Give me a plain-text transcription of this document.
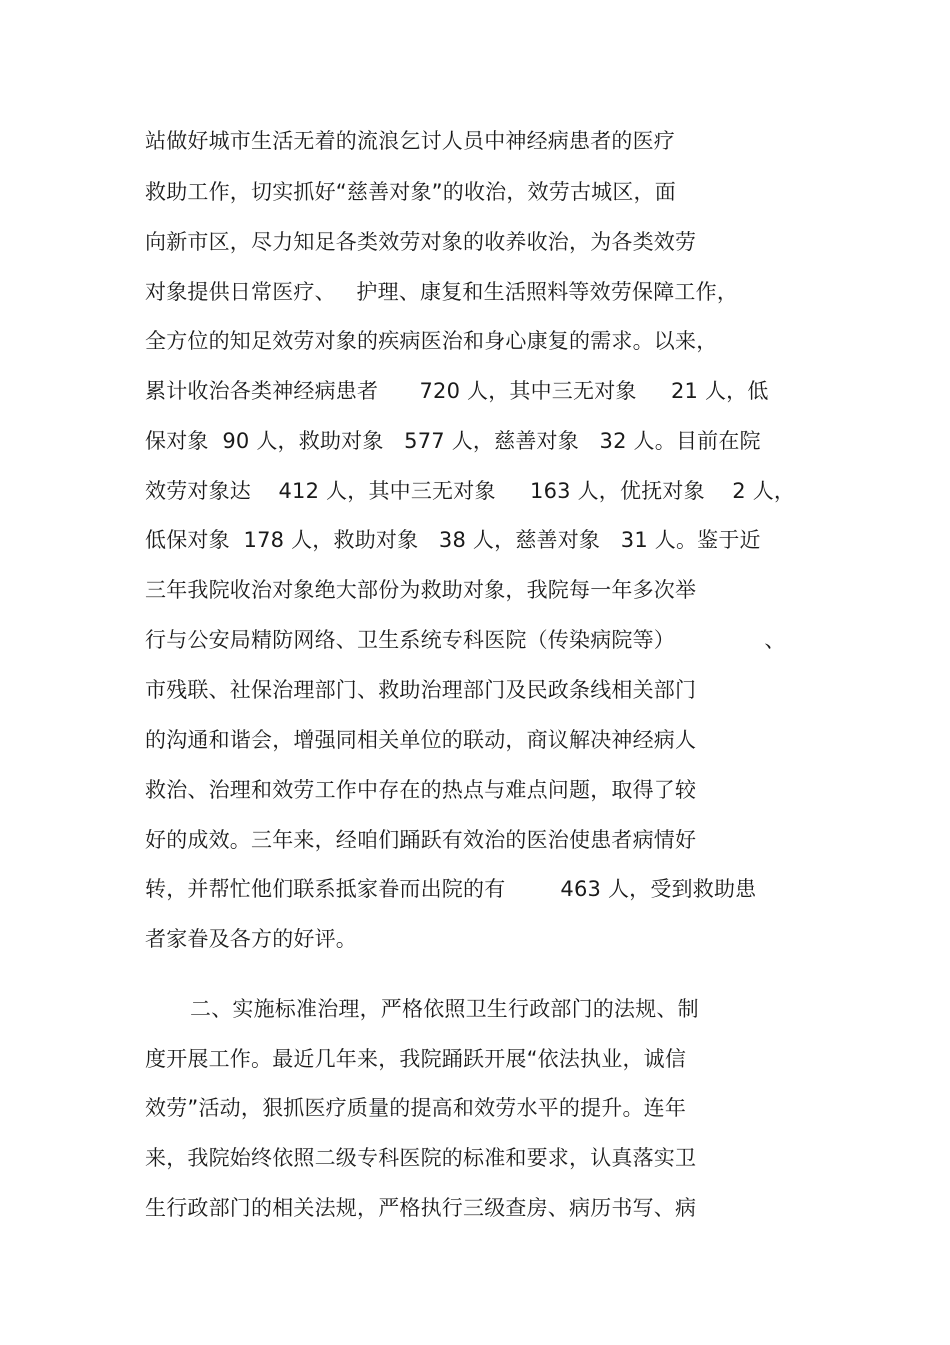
站做好城市生活无着的流浪乞讨人员中神经病患者的医疗
救助工作，切实抓好“慈善对象”的收治，效劳古城区，面
向新市区，尽力知足各类效劳对象的收养收治，为各类效劳
对象提供日常医疗、   护理、康复和生活照料等效劳保障工作，
全方位的知足效劳对象的疾病医治和身心康复的需求。以来，
累计收治各类神经病患者      720 人，其中三无对象     21 人，低
保对象  90 人，救助对象   577 人，慈善对象   32 人。目前在院
效劳对象达    412 人，其中三无对象     163 人，优抚对象    2 人，
低保对象  178 人，救助对象   38 人，慈善对象   31 人。鉴于近
三年我院收治对象绝大部份为救助对象，我院每一年多次举
行与公安局精防网络、卫生系统专科医院（传染病院等）             、
市残联、社保治理部门、救助治理部门及民政条线相关部门
的沟通和谐会，增强同相关单位的联动，商议解决神经病人
救治、治理和效劳工作中存在的热点与难点问题，取得了较
好的成效。三年来，经咱们踊跃有效治的医治使患者病情好
转，并帮忙他们联系抵家眷而出院的有        463 人，受到救助患
者家眷及各方的好评。
二、实施标准治理，严格依照卫生行政部门的法规、制
度开展工作。最近几年来，我院踊跃开展“依法执业，诚信
效劳”活动，狠抓医疗质量的提高和效劳水平的提升。连年
来，我院始终依照二级专科医院的标准和要求，认真落实卫
生行政部门的相关法规，严格执行三级查房、病历书写、病
